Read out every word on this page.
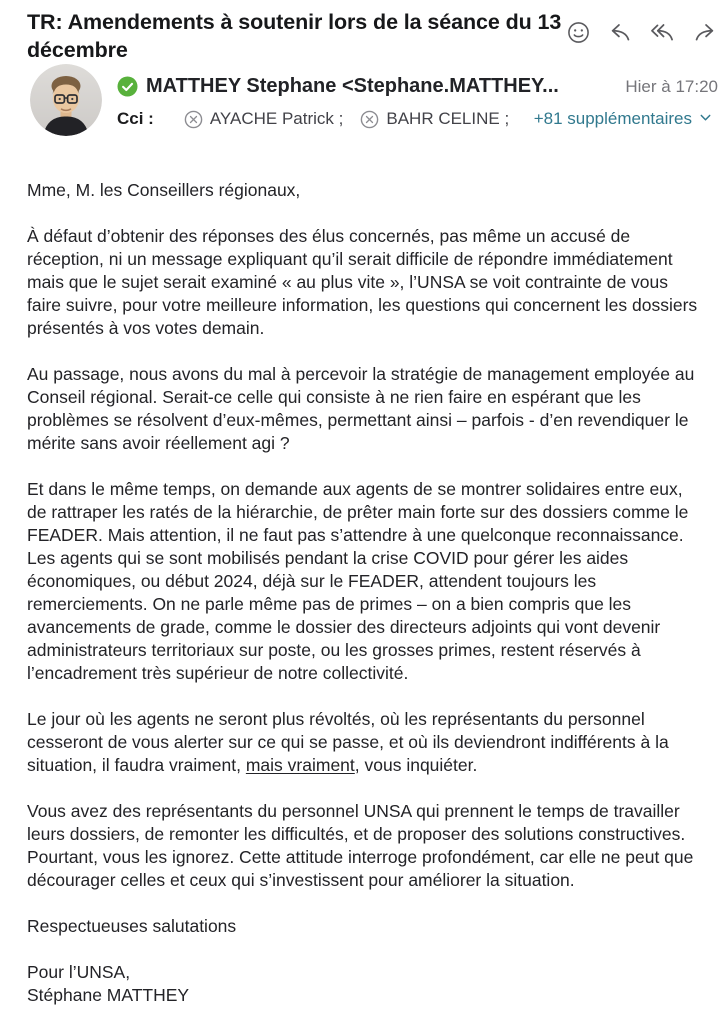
TR: Amendements à soutenir lors de la séance du 13 décembre
MATTHEY Stephane <Stephane.MATTHEY...	Hier à 17:20
Cci :	AYACHE Patrick ;	BAHR CELINE ; +81 supplémentaires

Mme, M. les Conseillers régionaux,

À défaut d’obtenir des réponses des élus concernés, pas même un accusé de réception, ni un message expliquant qu’il serait difficile de répondre immédiatement mais que le sujet serait examiné « au plus vite », l’UNSA se voit contrainte de vous faire suivre, pour votre meilleure information, les questions qui concernent les dossiers présentés à vos votes demain.

Au passage, nous avons du mal à percevoir la stratégie de management employée au Conseil régional. Serait-ce celle qui consiste à ne rien faire en espérant que les problèmes se résolvent d’eux-mêmes, permettant ainsi – parfois - d’en revendiquer le mérite sans avoir réellement agi ?

Et dans le même temps, on demande aux agents de se montrer solidaires entre eux, de rattraper les ratés de la hiérarchie, de prêter main forte sur des dossiers comme le FEADER. Mais attention, il ne faut pas s’attendre à une quelconque reconnaissance. Les agents qui se sont mobilisés pendant la crise COVID pour gérer les aides économiques, ou début 2024, déjà sur le FEADER, attendent toujours les remerciements. On ne parle même pas de primes – on a bien compris que les avancements de grade, comme le dossier des directeurs adjoints qui vont devenir administrateurs territoriaux sur poste, ou les grosses primes, restent réservés à l’encadrement très supérieur de notre collectivité.

Le jour où les agents ne seront plus révoltés, où les représentants du personnel cesseront de vous alerter sur ce qui se passe, et où ils deviendront indifférents à la situation, il faudra vraiment, mais vraiment, vous inquiéter.

Vous avez des représentants du personnel UNSA qui prennent le temps de travailler leurs dossiers, de remonter les difficultés, et de proposer des solutions constructives. Pourtant, vous les ignorez. Cette attitude interroge profondément, car elle ne peut que décourager celles et ceux qui s’investissent pour améliorer la situation.

Respectueuses salutations

Pour l’UNSA,
Stéphane MATTHEY
